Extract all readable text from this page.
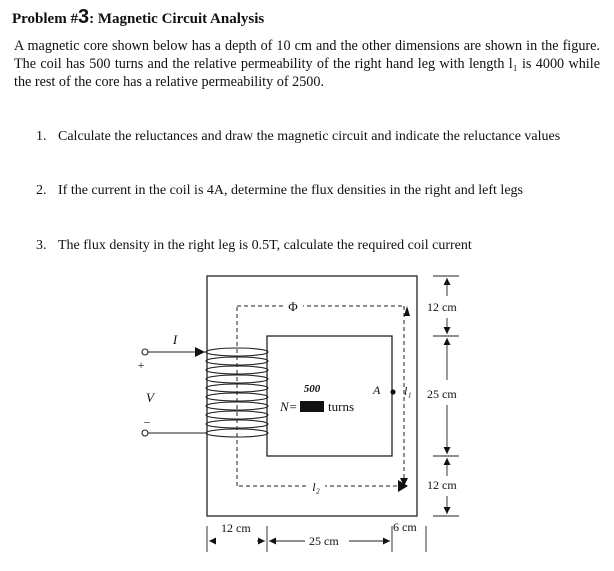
Problem #3: Magnetic Circuit Analysis

A magnetic core shown below has a depth of 10 cm and the other dimensions are shown in the figure. The coil has 500 turns and the relative permeability of the right hand leg with length l₁ is 4000 while the rest of the core has a relative permeability of 2500.

1. Calculate the reluctances and draw the magnetic circuit and indicate the reluctance values

2. If the current in the coil is 4A, determine the flux densities in the right and left legs

3. The flux density in the right leg is 0.5T, calculate the required coil current

Φ
+
V
–
I
500
N= turns
A l₁
l₂
12 cm
25 cm
12 cm
12 cm
25 cm
6 cm
